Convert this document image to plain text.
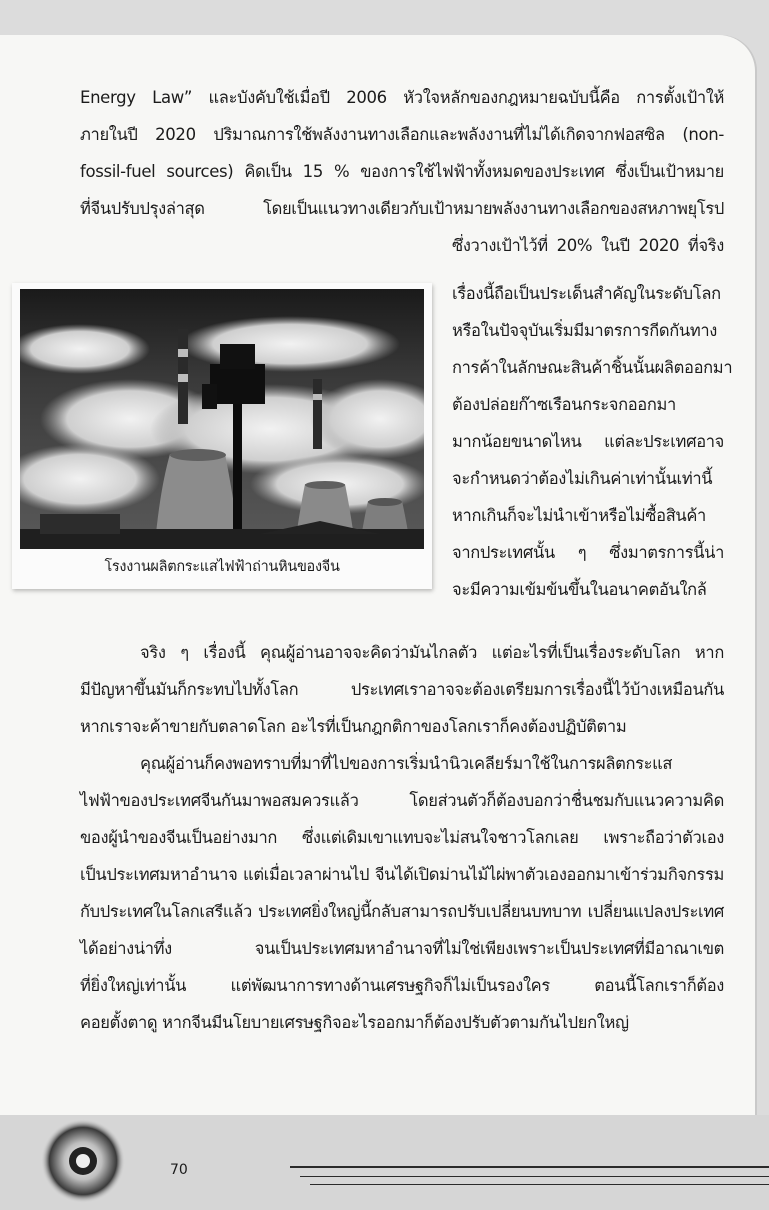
Energy Law” และบังคับใช้เมื่อปี 2006 หัวใจหลักของกฎหมายฉบับนี้คือ การตั้งเป้าให้
ภายในปี 2020 ปริมาณการใช้พลังงานทางเลือกและพลังงานที่ไม่ได้เกิดจากฟอสซิล (non-
fossil-fuel sources) คิดเป็น 15 % ของการใช้ไฟฟ้าทั้งหมดของประเทศ ซึ่งเป็นเป้าหมาย
ที่จีนปรับปรุงล่าสุด โดยเป็นแนวทางเดียวกับเป้าหมายพลังงานทางเลือกของสหภาพยุโรป
ซึ่งวางเป้าไว้ที่ 20% ในปี 2020 ที่จริง
เรื่องนี้ถือเป็นประเด็นสำคัญในระดับโลก
หรือในปัจจุบันเริ่มมีมาตรการกีดกันทาง
การค้าในลักษณะสินค้าชิ้นนั้นผลิตออกมา
ต้องปล่อยก๊าซเรือนกระจกออกมา
มากน้อยขนาดไหน แต่ละประเทศอาจ
จะกำหนดว่าต้องไม่เกินค่าเท่านั้นเท่านี้
หากเกินก็จะไม่นำเข้าหรือไม่ซื้อสินค้า
จากประเทศนั้น ๆ ซึ่งมาตรการนี้น่า
จะมีความเข้มข้นขึ้นในอนาคตอันใกล้
โรงงานผลิตกระแสไฟฟ้าถ่านหินของจีน
จริง ๆ เรื่องนี้ คุณผู้อ่านอาจจะคิดว่ามันไกลตัว แต่อะไรที่เป็นเรื่องระดับโลก หาก
มีปัญหาขึ้นมันก็กระทบไปทั้งโลก ประเทศเราอาจจะต้องเตรียมการเรื่องนี้ไว้บ้างเหมือนกัน
หากเราจะค้าขายกับตลาดโลก อะไรที่เป็นกฎกติกาของโลกเราก็คงต้องปฏิบัติตาม
คุณผู้อ่านก็คงพอทราบที่มาที่ไปของการเริ่มนำนิวเคลียร์มาใช้ในการผลิตกระแส
ไฟฟ้าของประเทศจีนกันมาพอสมควรแล้ว โดยส่วนตัวก็ต้องบอกว่าชื่นชมกับแนวความคิด
ของผู้นำของจีนเป็นอย่างมาก ซึ่งแต่เดิมเขาแทบจะไม่สนใจชาวโลกเลย เพราะถือว่าตัวเอง
เป็นประเทศมหาอำนาจ แต่เมื่อเวลาผ่านไป จีนได้เปิดม่านไม้ไผ่พาตัวเองออกมาเข้าร่วมกิจกรรม
กับประเทศในโลกเสรีแล้ว ประเทศยิ่งใหญ่นี้กลับสามารถปรับเปลี่ยนบทบาท เปลี่ยนแปลงประเทศ
ได้อย่างน่าทึ่ง จนเป็นประเทศมหาอำนาจที่ไม่ใช่เพียงเพราะเป็นประเทศที่มีอาณาเขต
ที่ยิ่งใหญ่เท่านั้น แต่พัฒนาการทางด้านเศรษฐกิจก็ไม่เป็นรองใคร ตอนนี้โลกเราก็ต้อง
คอยตั้งตาดู หากจีนมีนโยบายเศรษฐกิจอะไรออกมาก็ต้องปรับตัวตามกันไปยกใหญ่
70
